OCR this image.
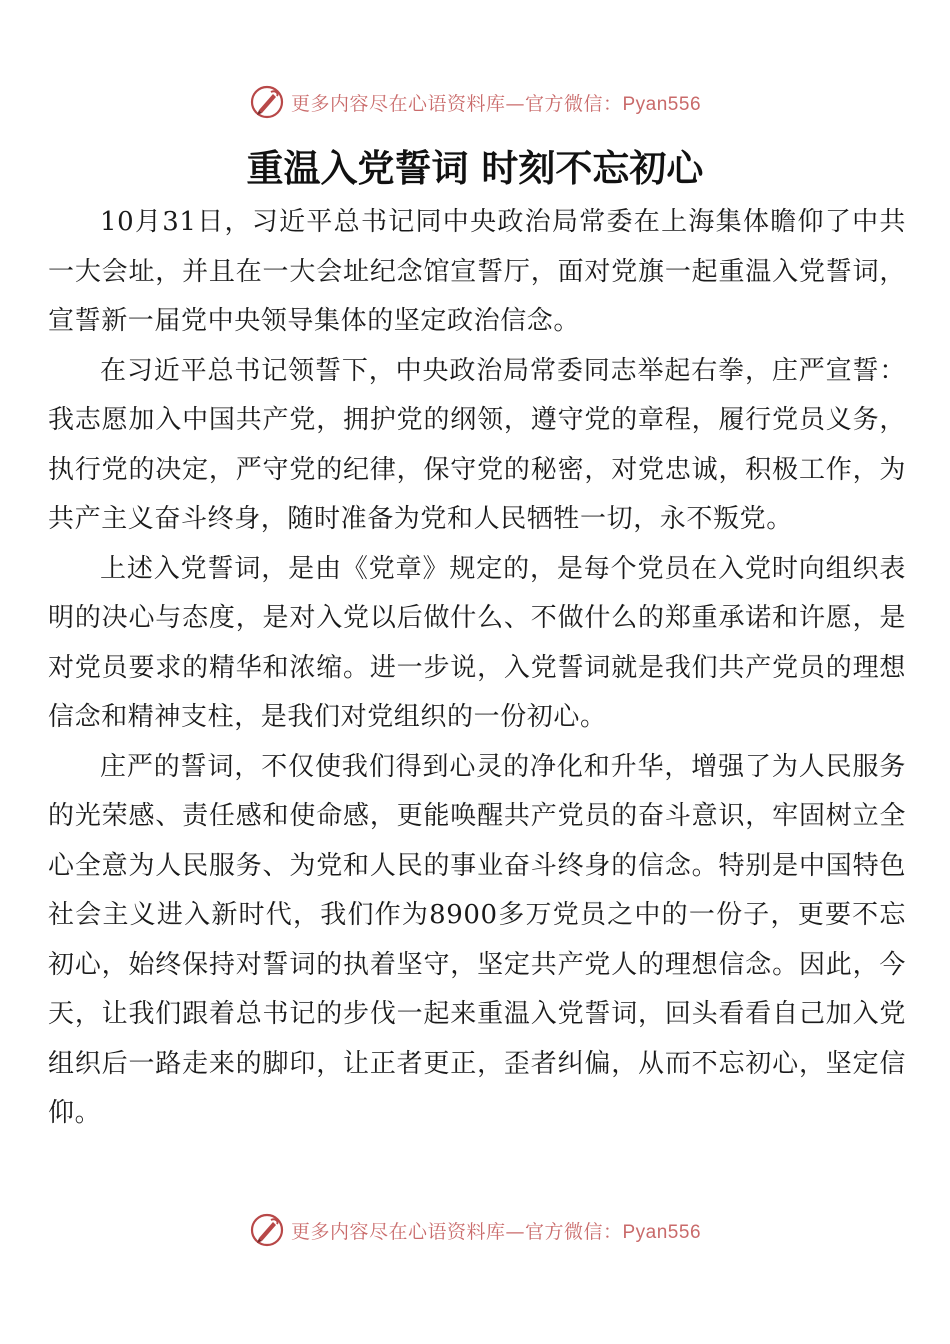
更多内容尽在心语资料库—官方微信：Pyan556
重温入党誓词 时刻不忘初心

10月31日，习近平总书记同中央政治局常委在上海集体瞻仰了中共一大会址，并且在一大会址纪念馆宣誓厅，面对党旗一起重温入党誓词，宣誓新一届党中央领导集体的坚定政治信念。

在习近平总书记领誓下，中央政治局常委同志举起右拳，庄严宣誓：我志愿加入中国共产党，拥护党的纲领，遵守党的章程，履行党员义务，执行党的决定，严守党的纪律，保守党的秘密，对党忠诚，积极工作，为共产主义奋斗终身，随时准备为党和人民牺牲一切，永不叛党。

上述入党誓词，是由《党章》规定的，是每个党员在入党时向组织表明的决心与态度，是对入党以后做什么、不做什么的郑重承诺和许愿，是对党员要求的精华和浓缩。进一步说，入党誓词就是我们共产党员的理想信念和精神支柱，是我们对党组织的一份初心。

庄严的誓词，不仅使我们得到心灵的净化和升华，增强了为人民服务的光荣感、责任感和使命感，更能唤醒共产党员的奋斗意识，牢固树立全心全意为人民服务、为党和人民的事业奋斗终身的信念。特别是中国特色社会主义进入新时代，我们作为8900多万党员之中的一份子，更要不忘初心，始终保持对誓词的执着坚守，坚定共产党人的理想信念。因此，今天，让我们跟着总书记的步伐一起来重温入党誓词，回头看看自己加入党组织后一路走来的脚印，让正者更正，歪者纠偏，从而不忘初心，坚定信仰。

更多内容尽在心语资料库—官方微信：Pyan556
